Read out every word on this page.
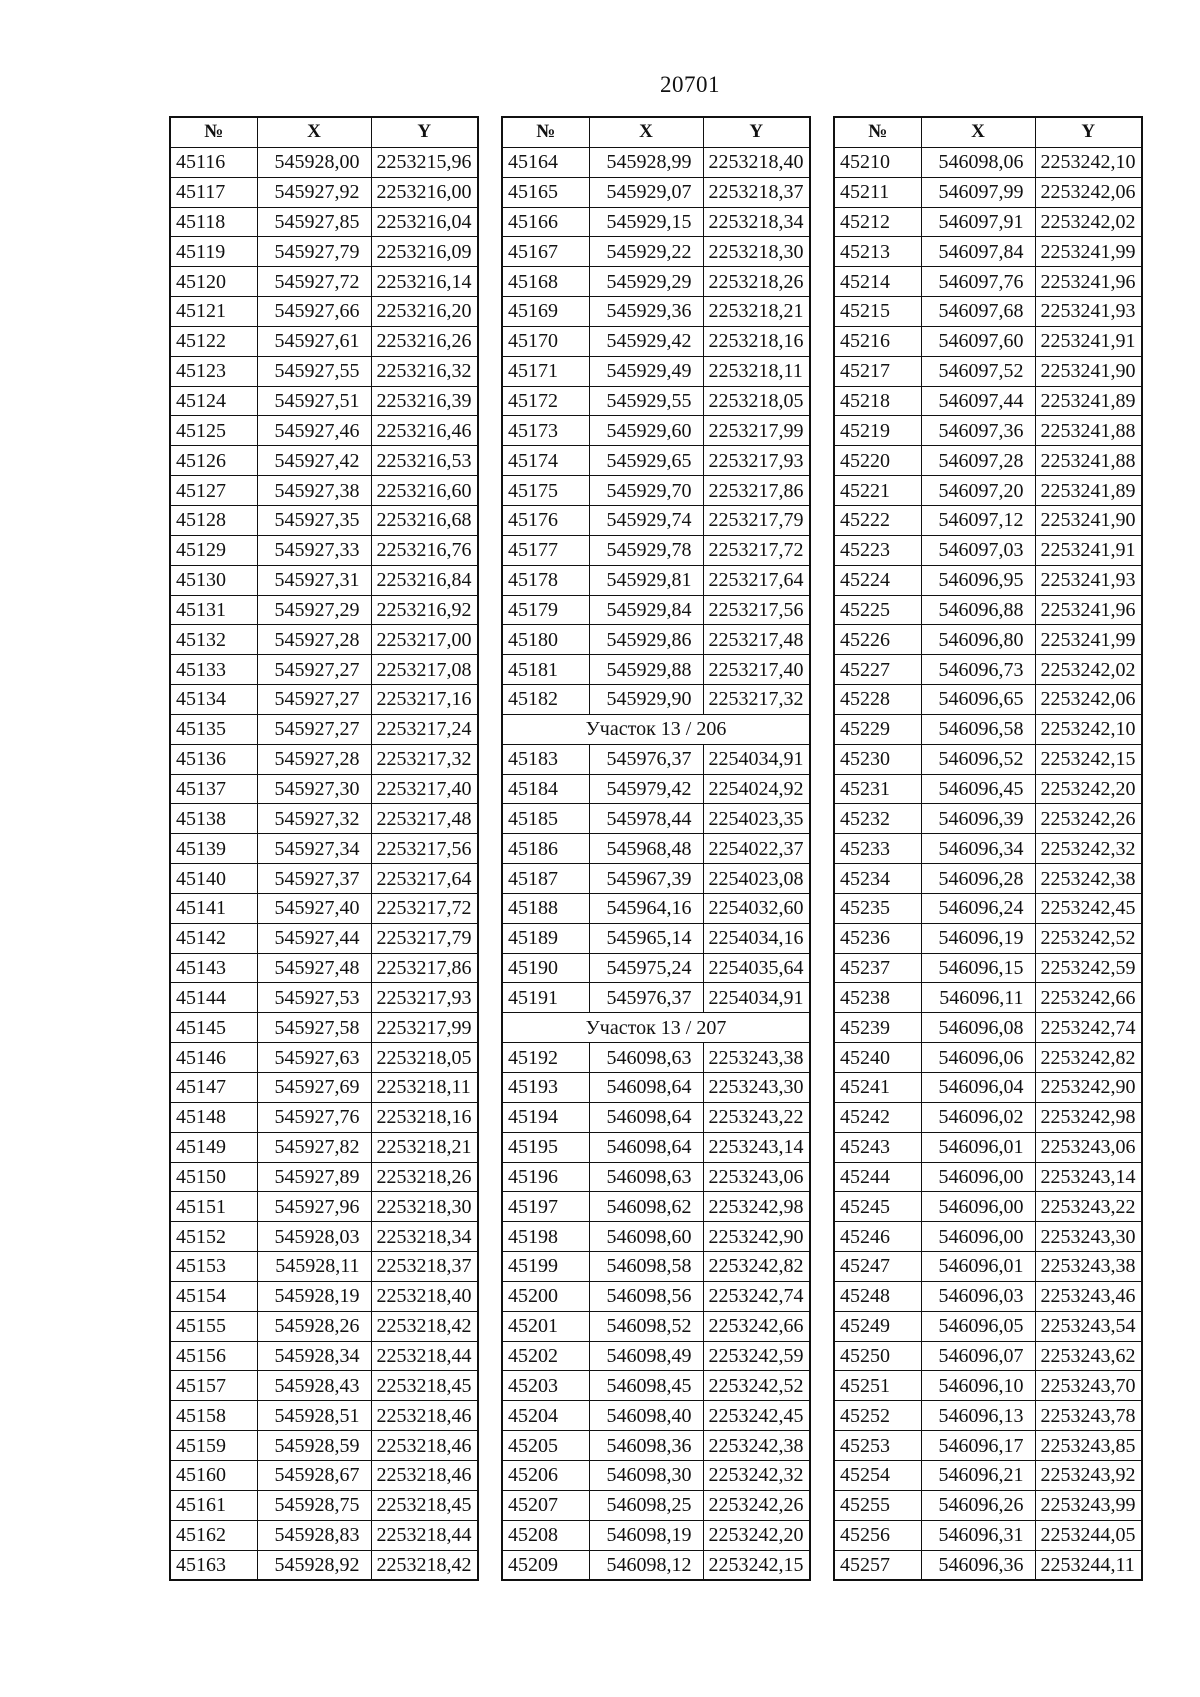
20701
№	X	Y
45116	545928,00	2253215,96
45117	545927,92	2253216,00
45118	545927,85	2253216,04
45119	545927,79	2253216,09
45120	545927,72	2253216,14
45121	545927,66	2253216,20
45122	545927,61	2253216,26
45123	545927,55	2253216,32
45124	545927,51	2253216,39
45125	545927,46	2253216,46
45126	545927,42	2253216,53
45127	545927,38	2253216,60
45128	545927,35	2253216,68
45129	545927,33	2253216,76
45130	545927,31	2253216,84
45131	545927,29	2253216,92
45132	545927,28	2253217,00
45133	545927,27	2253217,08
45134	545927,27	2253217,16
45135	545927,27	2253217,24
45136	545927,28	2253217,32
45137	545927,30	2253217,40
45138	545927,32	2253217,48
45139	545927,34	2253217,56
45140	545927,37	2253217,64
45141	545927,40	2253217,72
45142	545927,44	2253217,79
45143	545927,48	2253217,86
45144	545927,53	2253217,93
45145	545927,58	2253217,99
45146	545927,63	2253218,05
45147	545927,69	2253218,11
45148	545927,76	2253218,16
45149	545927,82	2253218,21
45150	545927,89	2253218,26
45151	545927,96	2253218,30
45152	545928,03	2253218,34
45153	545928,11	2253218,37
45154	545928,19	2253218,40
45155	545928,26	2253218,42
45156	545928,34	2253218,44
45157	545928,43	2253218,45
45158	545928,51	2253218,46
45159	545928,59	2253218,46
45160	545928,67	2253218,46
45161	545928,75	2253218,45
45162	545928,83	2253218,44
45163	545928,92	2253218,42
№	X	Y
45164	545928,99	2253218,40
45165	545929,07	2253218,37
45166	545929,15	2253218,34
45167	545929,22	2253218,30
45168	545929,29	2253218,26
45169	545929,36	2253218,21
45170	545929,42	2253218,16
45171	545929,49	2253218,11
45172	545929,55	2253218,05
45173	545929,60	2253217,99
45174	545929,65	2253217,93
45175	545929,70	2253217,86
45176	545929,74	2253217,79
45177	545929,78	2253217,72
45178	545929,81	2253217,64
45179	545929,84	2253217,56
45180	545929,86	2253217,48
45181	545929,88	2253217,40
45182	545929,90	2253217,32
Участок 13 / 206		
45183	545976,37	2254034,91
45184	545979,42	2254024,92
45185	545978,44	2254023,35
45186	545968,48	2254022,37
45187	545967,39	2254023,08
45188	545964,16	2254032,60
45189	545965,14	2254034,16
45190	545975,24	2254035,64
45191	545976,37	2254034,91
Участок 13 / 207		
45192	546098,63	2253243,38
45193	546098,64	2253243,30
45194	546098,64	2253243,22
45195	546098,64	2253243,14
45196	546098,63	2253243,06
45197	546098,62	2253242,98
45198	546098,60	2253242,90
45199	546098,58	2253242,82
45200	546098,56	2253242,74
45201	546098,52	2253242,66
45202	546098,49	2253242,59
45203	546098,45	2253242,52
45204	546098,40	2253242,45
45205	546098,36	2253242,38
45206	546098,30	2253242,32
45207	546098,25	2253242,26
45208	546098,19	2253242,20
45209	546098,12	2253242,15
№	X	Y
45210	546098,06	2253242,10
45211	546097,99	2253242,06
45212	546097,91	2253242,02
45213	546097,84	2253241,99
45214	546097,76	2253241,96
45215	546097,68	2253241,93
45216	546097,60	2253241,91
45217	546097,52	2253241,90
45218	546097,44	2253241,89
45219	546097,36	2253241,88
45220	546097,28	2253241,88
45221	546097,20	2253241,89
45222	546097,12	2253241,90
45223	546097,03	2253241,91
45224	546096,95	2253241,93
45225	546096,88	2253241,96
45226	546096,80	2253241,99
45227	546096,73	2253242,02
45228	546096,65	2253242,06
45229	546096,58	2253242,10
45230	546096,52	2253242,15
45231	546096,45	2253242,20
45232	546096,39	2253242,26
45233	546096,34	2253242,32
45234	546096,28	2253242,38
45235	546096,24	2253242,45
45236	546096,19	2253242,52
45237	546096,15	2253242,59
45238	546096,11	2253242,66
45239	546096,08	2253242,74
45240	546096,06	2253242,82
45241	546096,04	2253242,90
45242	546096,02	2253242,98
45243	546096,01	2253243,06
45244	546096,00	2253243,14
45245	546096,00	2253243,22
45246	546096,00	2253243,30
45247	546096,01	2253243,38
45248	546096,03	2253243,46
45249	546096,05	2253243,54
45250	546096,07	2253243,62
45251	546096,10	2253243,70
45252	546096,13	2253243,78
45253	546096,17	2253243,85
45254	546096,21	2253243,92
45255	546096,26	2253243,99
45256	546096,31	2253244,05
45257	546096,36	2253244,11
